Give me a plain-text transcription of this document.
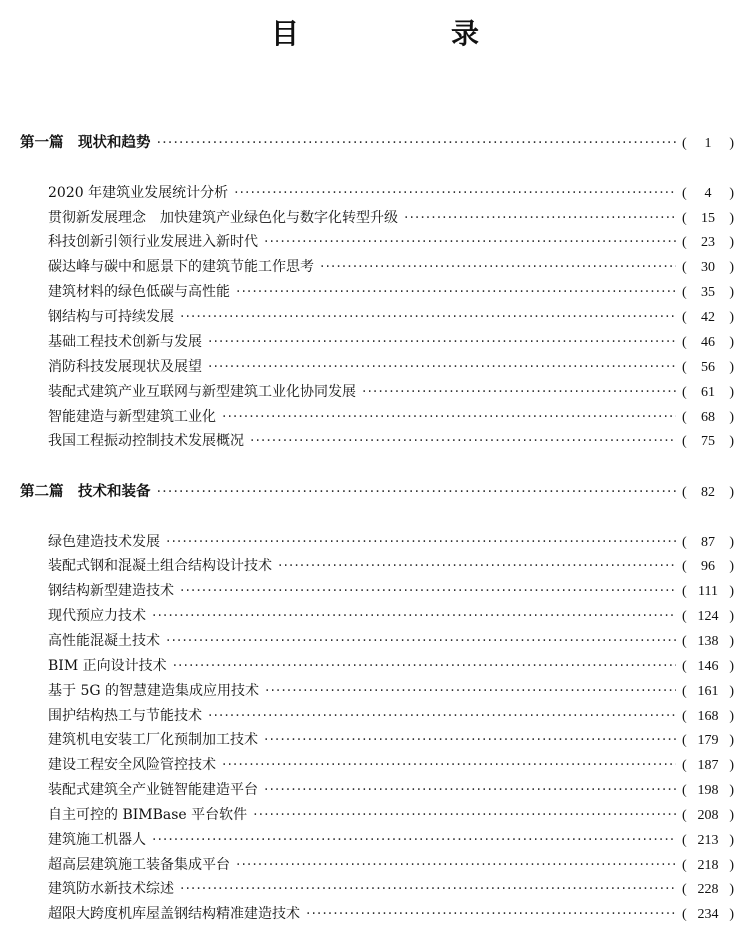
目　录
第一篇　现状和趋势 ·····	(	1	)
2020 年建筑业发展统计分析 ·····	(	4	)
贯彻新发展理念　加快建筑产业绿色化与数字化转型升级 ·····	(	15	)
科技创新引领行业发展进入新时代 ·····	(	23	)
碳达峰与碳中和愿景下的建筑节能工作思考 ·····	(	30	)
建筑材料的绿色低碳与高性能 ·····	(	35	)
钢结构与可持续发展 ·····	(	42	)
基础工程技术创新与发展 ·····	(	46	)
消防科技发展现状及展望 ·····	(	56	)
装配式建筑产业互联网与新型建筑工业化协同发展 ·····	(	61	)
智能建造与新型建筑工业化 ·····	(	68	)
我国工程振动控制技术发展概况 ·····	(	75	)
第二篇　技术和装备 ·····	(	82	)
绿色建造技术发展 ·····	(	87	)
装配式钢和混凝土组合结构设计技术 ·····	(	96	)
钢结构新型建造技术 ·····	( 111 )
现代预应力技术 ·····	( 124 )
高性能混凝土技术 ·····	( 138 )
BIM 正向设计技术 ·····	( 146 )
基于 5G 的智慧建造集成应用技术 ·····	( 161 )
围护结构热工与节能技术 ·····	( 168 )
建筑机电安装工厂化预制加工技术 ·····	( 179 )
建设工程安全风险管控技术 ·····	( 187 )
装配式建筑全产业链智能建造平台 ·····	( 198 )
自主可控的 BIMBase 平台软件 ·····	( 208 )
建筑施工机器人 ·····	( 213 )
超高层建筑施工装备集成平台 ·····	( 218 )
建筑防水新技术综述 ·····	( 228 )
超限大跨度机库屋盖钢结构精准建造技术 ·····	( 234 )
